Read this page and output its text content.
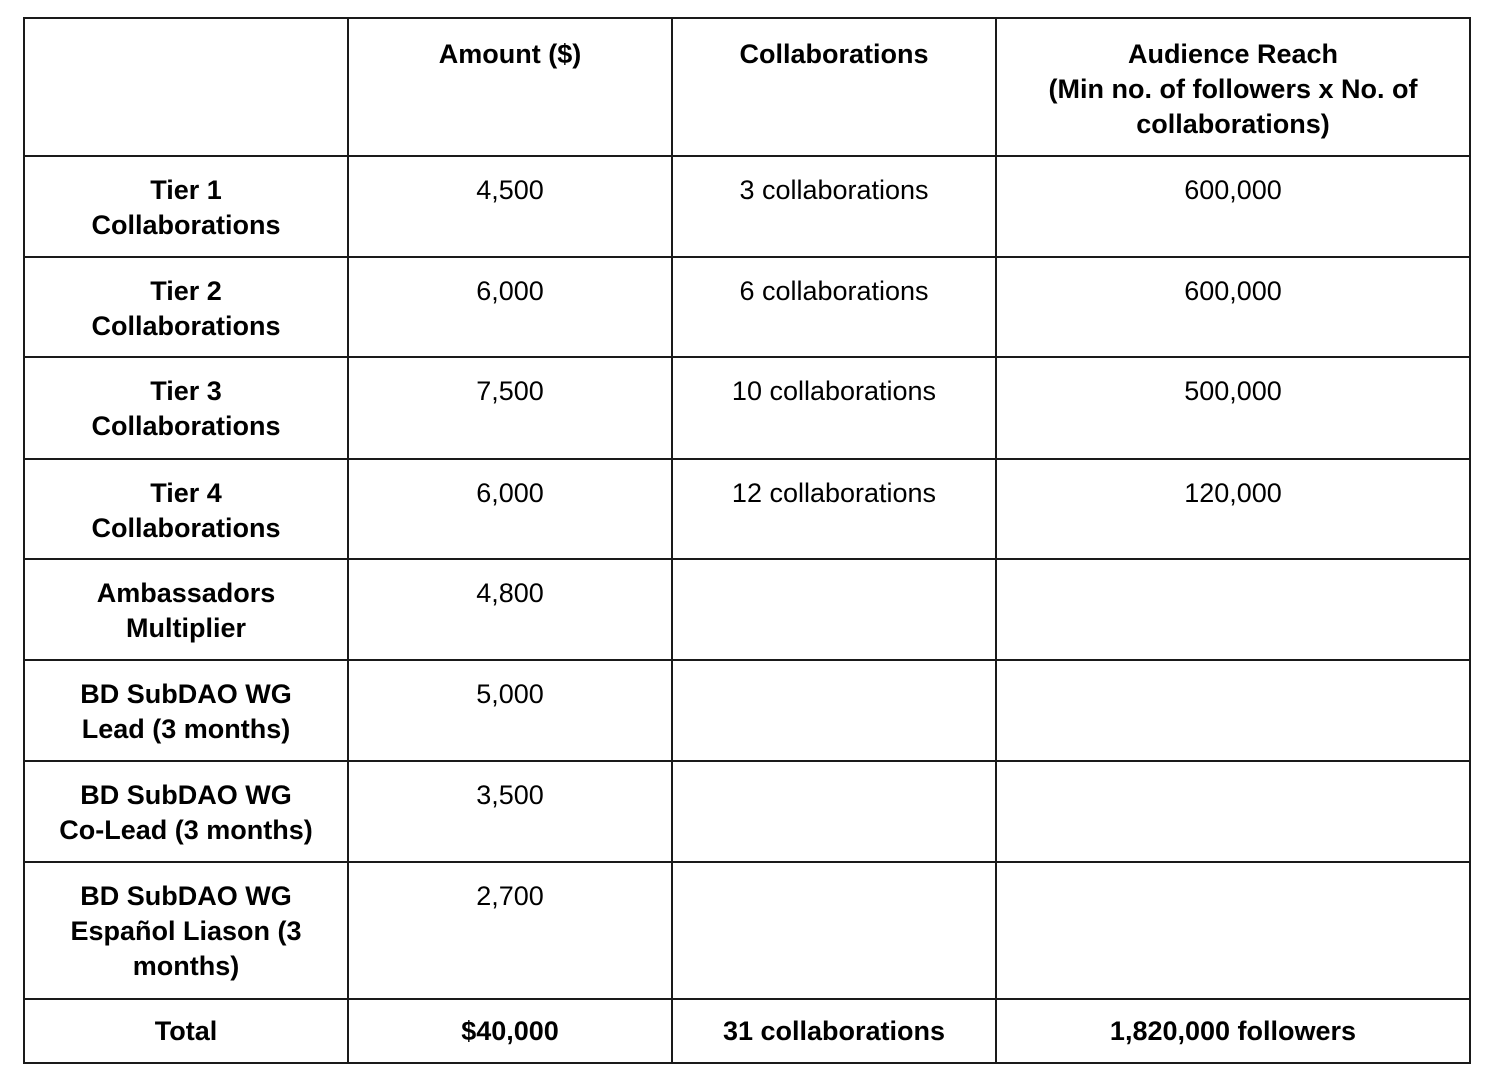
	Amount ($)	Collaborations	Audience Reach
(Min no. of followers x No. of
collaborations)
Tier 1
Collaborations	4,500	3 collaborations	600,000
Tier 2
Collaborations	6,000	6 collaborations	600,000
Tier 3
Collaborations	7,500	10 collaborations	500,000
Tier 4
Collaborations	6,000	12 collaborations	120,000
Ambassadors
Multiplier	4,800		
BD SubDAO WG
Lead (3 months)	5,000		
BD SubDAO WG
Co-Lead (3 months)	3,500		
BD SubDAO WG
Español Liason (3
months)	2,700		
Total	$40,000	31 collaborations	1,820,000 followers
